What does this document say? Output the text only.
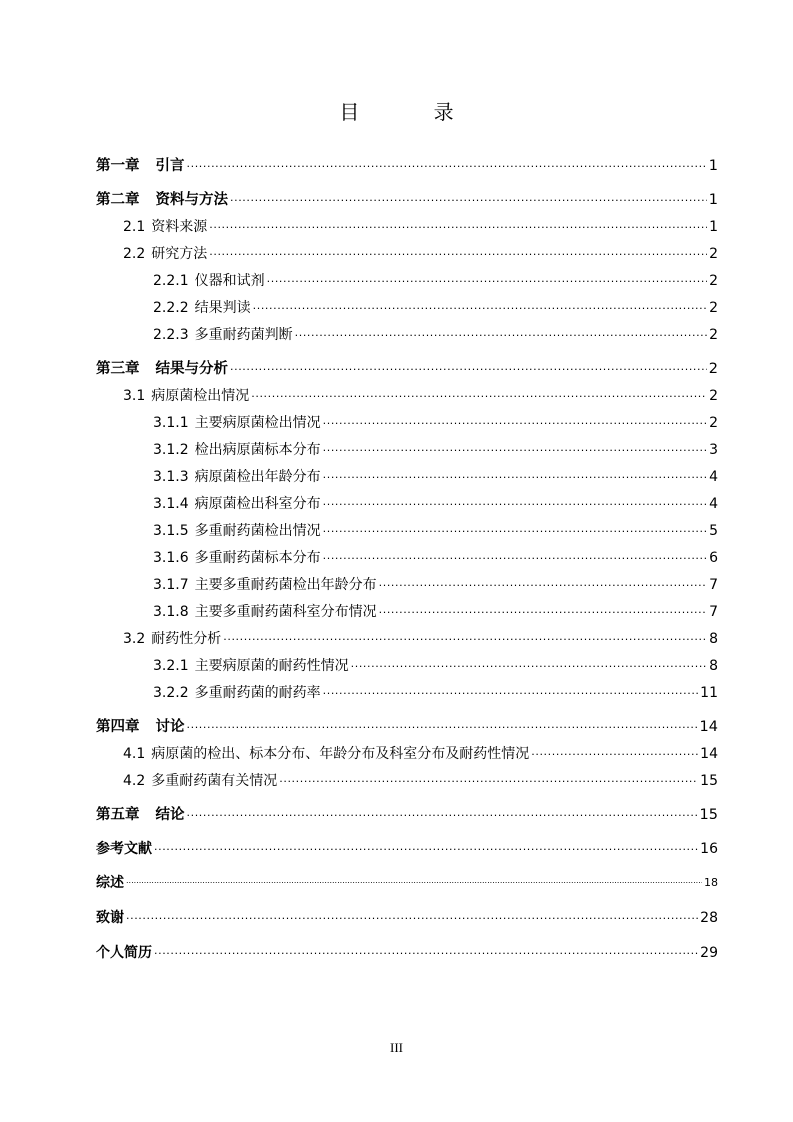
目 录
第一章 引言 .....	1
第二章 资料与方法 .....	1
2.1 资料来源 .....	1
2.2 研究方法 .....	2
2.2.1 仪器和试剂 .....	2
2.2.2 结果判读 .....	2
2.2.3 多重耐药菌判断 .....	2
第三章 结果与分析 .....	2
3.1 病原菌检出情况 .....	2
3.1.1 主要病原菌检出情况 .....	2
3.1.2 检出病原菌标本分布 .....	3
3.1.3 病原菌检出年龄分布 .....	4
3.1.4 病原菌检出科室分布 .....	4
3.1.5 多重耐药菌检出情况 .....	5
3.1.6 多重耐药菌标本分布 .....	6
3.1.7 主要多重耐药菌检出年龄分布 .....	7
3.1.8 主要多重耐药菌科室分布情况 .....	7
3.2 耐药性分析 .....	8
3.2.1 主要病原菌的耐药性情况 .....	8
3.2.2 多重耐药菌的耐药率 .....	11
第四章 讨论 .....	14
4.1 病原菌的检出、标本分布、年龄分布及科室分布及耐药性情况 .....	14
4.2 多重耐药菌有关情况 .....	15
第五章 结论 .....	15
参考文献 .....	16
综述 .....	18
致谢 .....	28
个人简历 .....	29
III
